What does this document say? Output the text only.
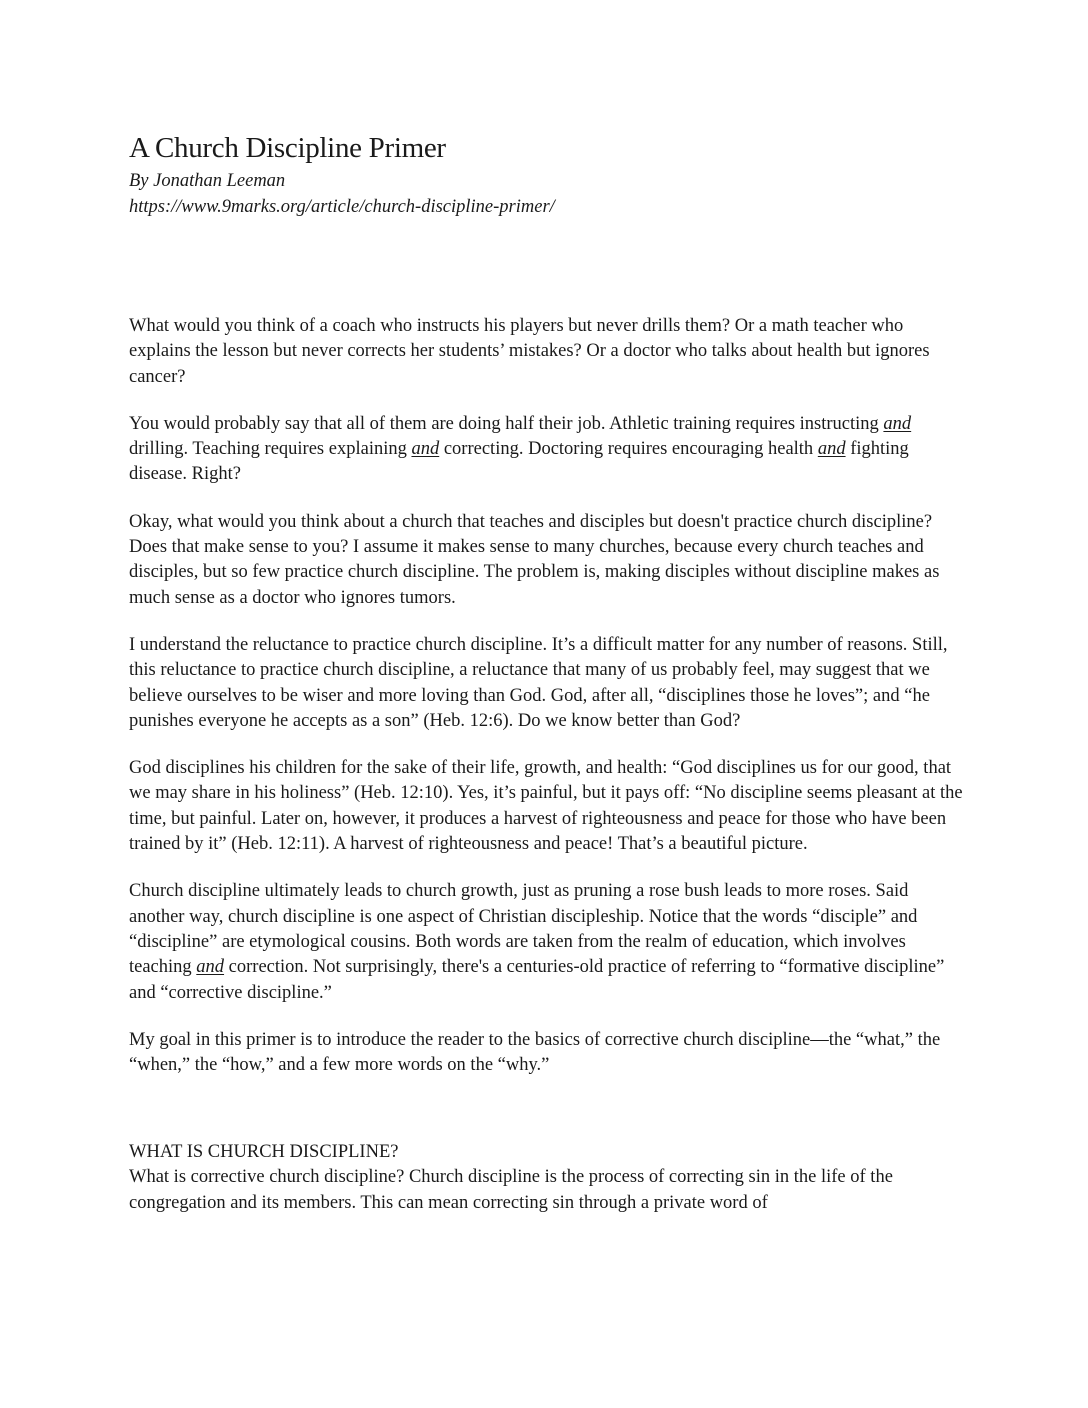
A Church Discipline Primer

By Jonathan Leeman

https://www.9marks.org/article/church-discipline-primer/

What would you think of a coach who instructs his players but never drills them? Or a math teacher who explains the lesson but never corrects her students’ mistakes? Or a doctor who talks about health but ignores cancer?

You would probably say that all of them are doing half their job. Athletic training requires instructing and drilling. Teaching requires explaining and correcting. Doctoring requires encouraging health and fighting disease. Right?

Okay, what would you think about a church that teaches and disciples but doesn't practice church discipline? Does that make sense to you? I assume it makes sense to many churches, because every church teaches and disciples, but so few practice church discipline. The problem is, making disciples without discipline makes as much sense as a doctor who ignores tumors.

I understand the reluctance to practice church discipline. It’s a difficult matter for any number of reasons. Still, this reluctance to practice church discipline, a reluctance that many of us probably feel, may suggest that we believe ourselves to be wiser and more loving than God. God, after all, “disciplines those he loves”; and “he punishes everyone he accepts as a son” (Heb. 12:6). Do we know better than God?

God disciplines his children for the sake of their life, growth, and health: “God disciplines us for our good, that we may share in his holiness” (Heb. 12:10). Yes, it’s painful, but it pays off: “No discipline seems pleasant at the time, but painful. Later on, however, it produces a harvest of righteousness and peace for those who have been trained by it” (Heb. 12:11). A harvest of righteousness and peace! That’s a beautiful picture.

Church discipline ultimately leads to church growth, just as pruning a rose bush leads to more roses. Said another way, church discipline is one aspect of Christian discipleship. Notice that the words “disciple” and “discipline” are etymological cousins. Both words are taken from the realm of education, which involves teaching and correction. Not surprisingly, there's a centuries-old practice of referring to “formative discipline” and “corrective discipline.”

My goal in this primer is to introduce the reader to the basics of corrective church discipline—the “what,” the “when,” the “how,” and a few more words on the “why.”

WHAT IS CHURCH DISCIPLINE?

What is corrective church discipline? Church discipline is the process of correcting sin in the life of the congregation and its members. This can mean correcting sin through a private word of
